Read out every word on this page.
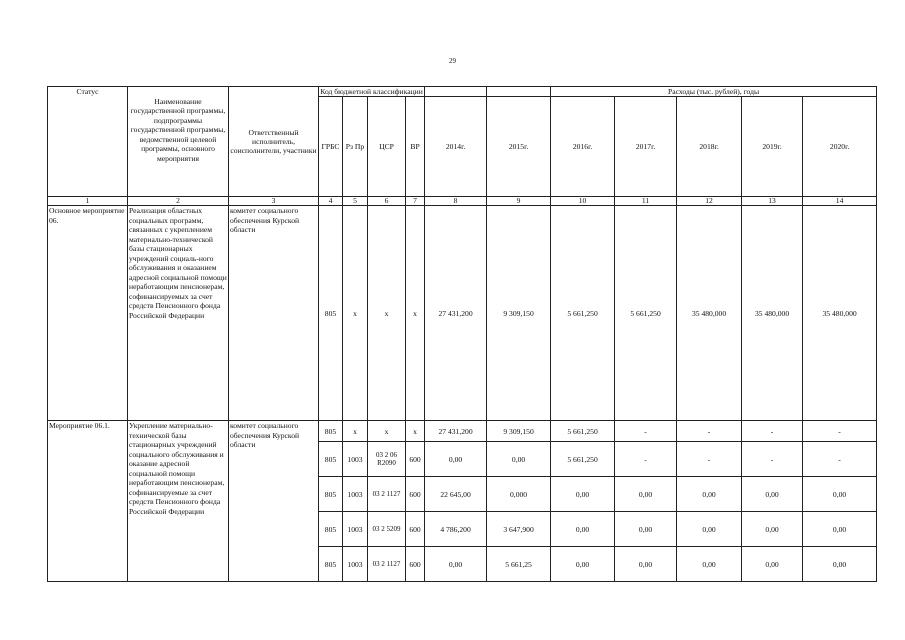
29
Статус	Наименование государственной программы, подпрограммы государственной программы, ведомственной целевой программы, основного мероприятия	Ответственный исполнитель, соисполнители, участники	Код бюджетной классификации						Расходы (тыс. рублей), годы					
			ГРБС	Рз Пр	ЦСР	ВР	2014г.	2015г.	2016г.	2017г.	2018г.	2019г.	2020г.	
1	2	3	4	5	6	7	8	9	10	11	12	13	14	
Основное мероприятие 06.	Реализация областных социальных программ, связанных с укреплением материально-технической базы стационарных учреждений социаль-ного обслуживания и оказанием адресной социальной помощи неработающим пенсионерам, софинансируемых за счет средств Пенсионного фонда Российской Федерации	комитет социального обеспечения Курской области	805	x	x	x	27 431,200	9 309,150	5 661,250	5 661,250	35 480,000	35 480,000	35 480,000	
Мероприятие 06.1.	Укрепление материально-технической базы стационарных учреждений социального обслуживания и оказание адресной социальной помощи неработающим пенсионерам, софинансируемые за счет средств Пенсионного фонда Российской Федерации	комитет социального обеспечения Курской области	805	x	x	x	27 431,200	9 309,150	5 661,250	-	-	-	-	
			805	1003	03 2 06 R2090	600	0,00	0,00	5 661,250	-	-	-	-	
			805	1003	03 2 1127	600	22 645,00	0,000	0,00	0,00	0,00	0,00	0,00	
			805	1003	03 2 5209	600	4 786,200	3 647,900	0,00	0,00	0,00	0,00	0,00	
			805	1003	03 2 1127	600	0,00	5 661,25	0,00	0,00	0,00	0,00	0,00	
